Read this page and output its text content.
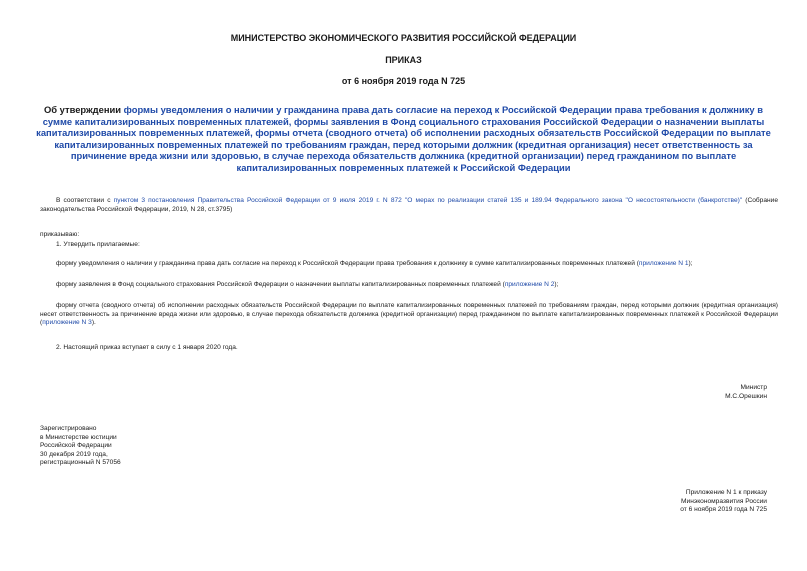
МИНИСТЕРСТВО ЭКОНОМИЧЕСКОГО РАЗВИТИЯ РОССИЙСКОЙ ФЕДЕРАЦИИ
ПРИКАЗ
от 6 ноября 2019 года N 725
Об утверждении формы уведомления о наличии у гражданина права дать согласие на переход к Российской Федерации права требования к должнику в сумме капитализированных повременных платежей, формы заявления в Фонд социального страхования Российской Федерации о назначении выплаты капитализированных повременных платежей, формы отчета (сводного отчета) об исполнении расходных обязательств Российской Федерации по выплате капитализированных повременных платежей по требованиям граждан, перед которыми должник (кредитная организация) несет ответственность за причинение вреда жизни или здоровью, в случае перехода обязательств должника (кредитной организации) перед гражданином по выплате капитализированных повременных платежей к Российской Федерации
В соответствии с пунктом 3 постановления Правительства Российской Федерации от 9 июля 2019 г. N 872 "О мерах по реализации статей 135 и 189.94 Федерального закона "О несостоятельности (банкротстве)" (Собрание законодательства Российской Федерации, 2019, N 28, ст.3795)
приказываю:
1. Утвердить прилагаемые:
форму уведомления о наличии у гражданина права дать согласие на переход к Российской Федерации права требования к должнику в сумме капитализированных повременных платежей (приложение N 1);
форму заявления в Фонд социального страхования Российской Федерации о назначении выплаты капитализированных повременных платежей (приложение N 2);
форму отчета (сводного отчета) об исполнении расходных обязательств Российской Федерации по выплате капитализированных повременных платежей по требованиям граждан, перед которыми должник (кредитная организация) несет ответственность за причинение вреда жизни или здоровью, в случае перехода обязательств должника (кредитной организации) перед гражданином по выплате капитализированных повременных платежей к Российской Федерации (приложение N 3).
2. Настоящий приказ вступает в силу с 1 января 2020 года.
Министр
М.С.Орешкин
Зарегистрировано
в Министерстве юстиции
Российской Федерации
30 декабря 2019 года,
регистрационный N 57056
Приложение N 1 к приказу
Минэкономразвития России
от 6 ноября 2019 года N 725
